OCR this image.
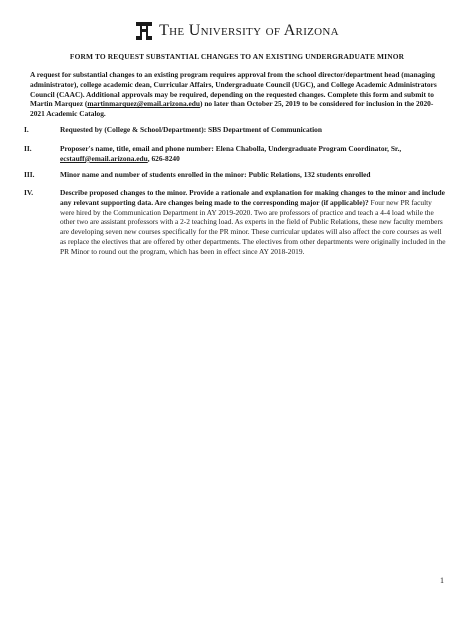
The University of Arizona
FORM TO REQUEST SUBSTANTIAL CHANGES TO AN EXISTING UNDERGRADUATE MINOR
A request for substantial changes to an existing program requires approval from the school director/department head (managing administrator), college academic dean, Curricular Affairs, Undergraduate Council (UGC), and College Academic Administrators Council (CAAC). Additional approvals may be required, depending on the requested changes. Complete this form and submit to Martin Marquez (martinmarquez@email.arizona.edu) no later than October 25, 2019 to be considered for inclusion in the 2020-2021 Academic Catalog.
I.	Requested by (College & School/Department): SBS Department of Communication
II.	Proposer's name, title, email and phone number: Elena Chabolla, Undergraduate Program Coordinator, Sr.,
ecstauff@email.arizona.edu, 626-8240
III.	Minor name and number of students enrolled in the minor: Public Relations, 132 students enrolled
IV.	Describe proposed changes to the minor. Provide a rationale and explanation for making changes to the minor and include any relevant supporting data. Are changes being made to the corresponding major (if applicable)? Four new PR faculty were hired by the Communication Department in AY 2019-2020. Two are professors of practice and teach a 4-4 load while the other two are assistant professors with a 2-2 teaching load. As experts in the field of Public Relations, these new faculty members are developing seven new courses specifically for the PR minor. These curricular updates will also affect the core courses as well as replace the electives that are offered by other departments. The electives from other departments were originally included in the PR Minor to round out the program, which has been in effect since AY 2018-2019.
1
